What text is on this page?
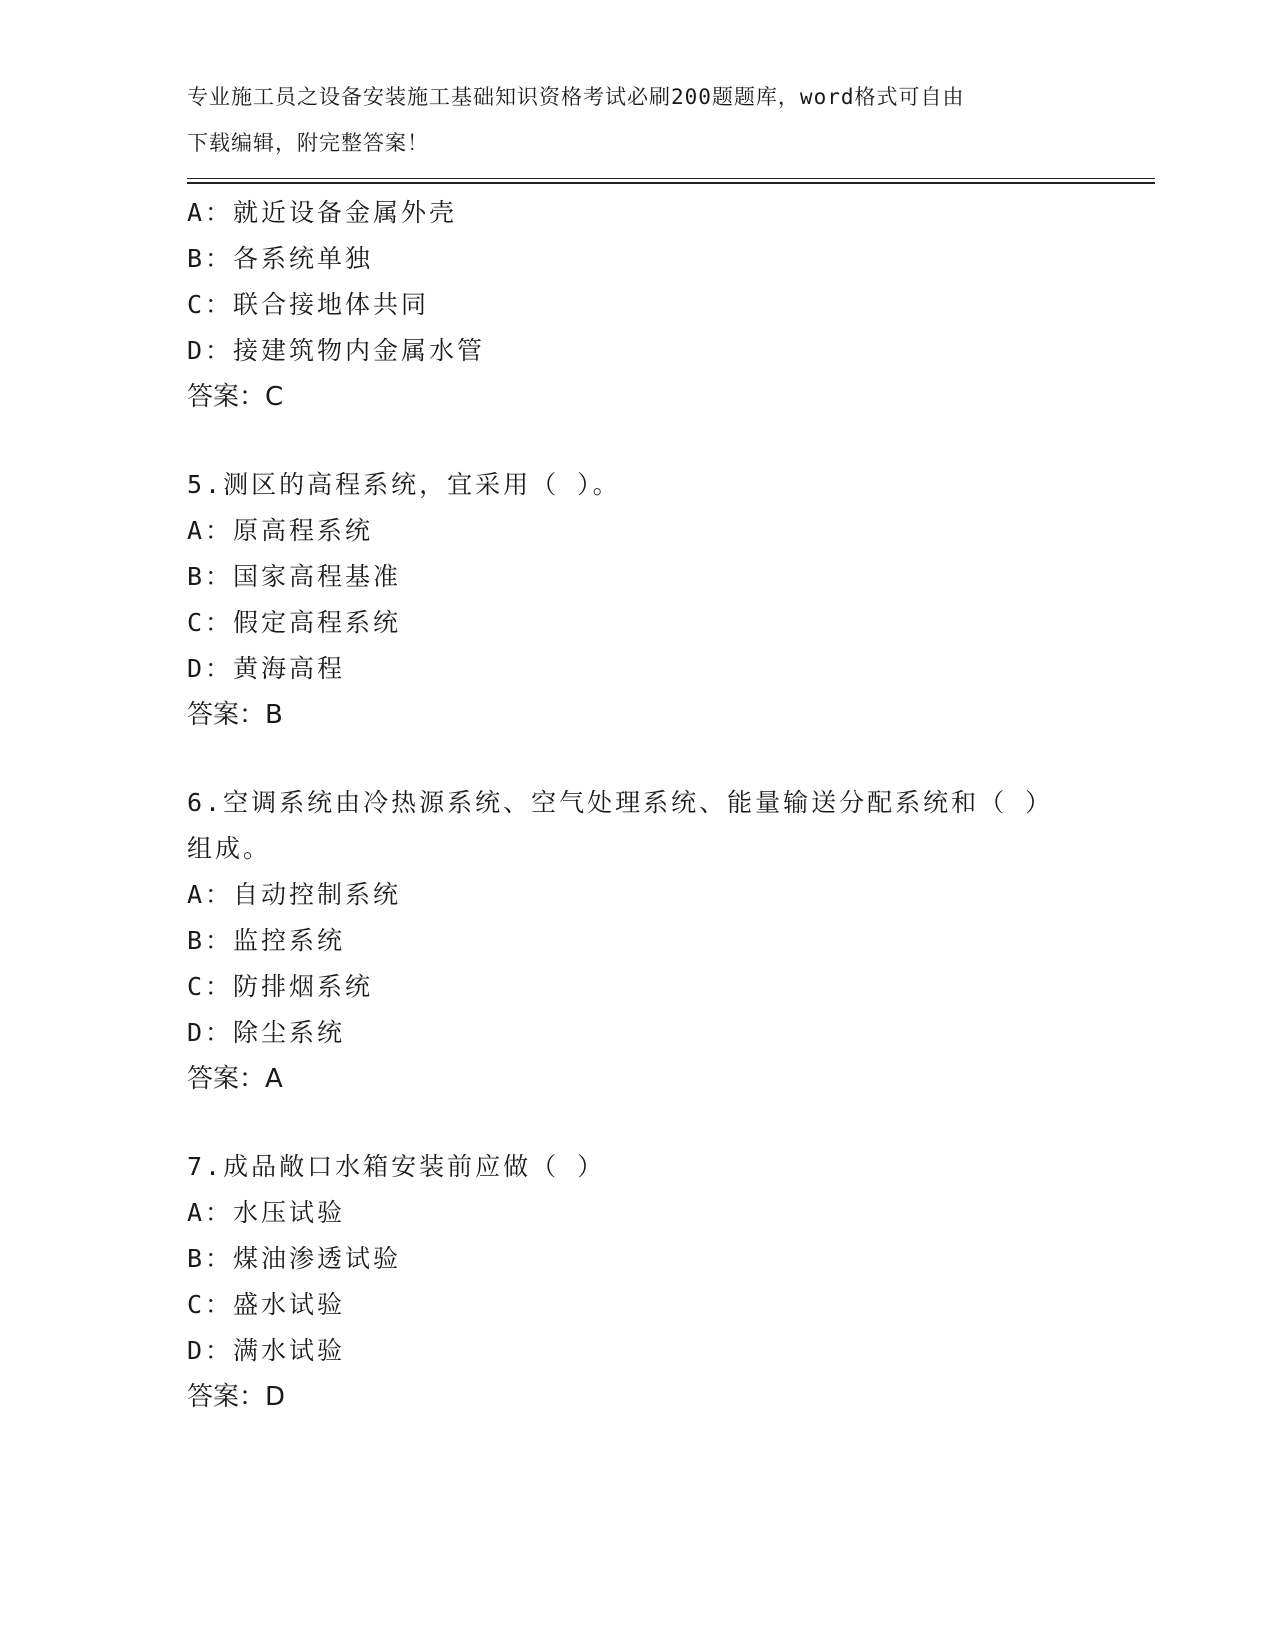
专业施工员之设备安装施工基础知识资格考试必刷200题题库，word格式可自由
下载编辑，附完整答案！
A：就近设备金属外壳
B：各系统单独
C：联合接地体共同
D：接建筑物内金属水管
答案：C
5.测区的高程系统，宜采用（ ）。
A：原高程系统
B：国家高程基准
C：假定高程系统
D：黄海高程
答案：B
6.空调系统由冷热源系统、空气处理系统、能量输送分配系统和（ ）
组成。
A：自动控制系统
B：监控系统
C：防排烟系统
D：除尘系统
答案：A
7.成品敞口水箱安装前应做（ ）
A：水压试验
B：煤油渗透试验
C：盛水试验
D：满水试验
答案：D
